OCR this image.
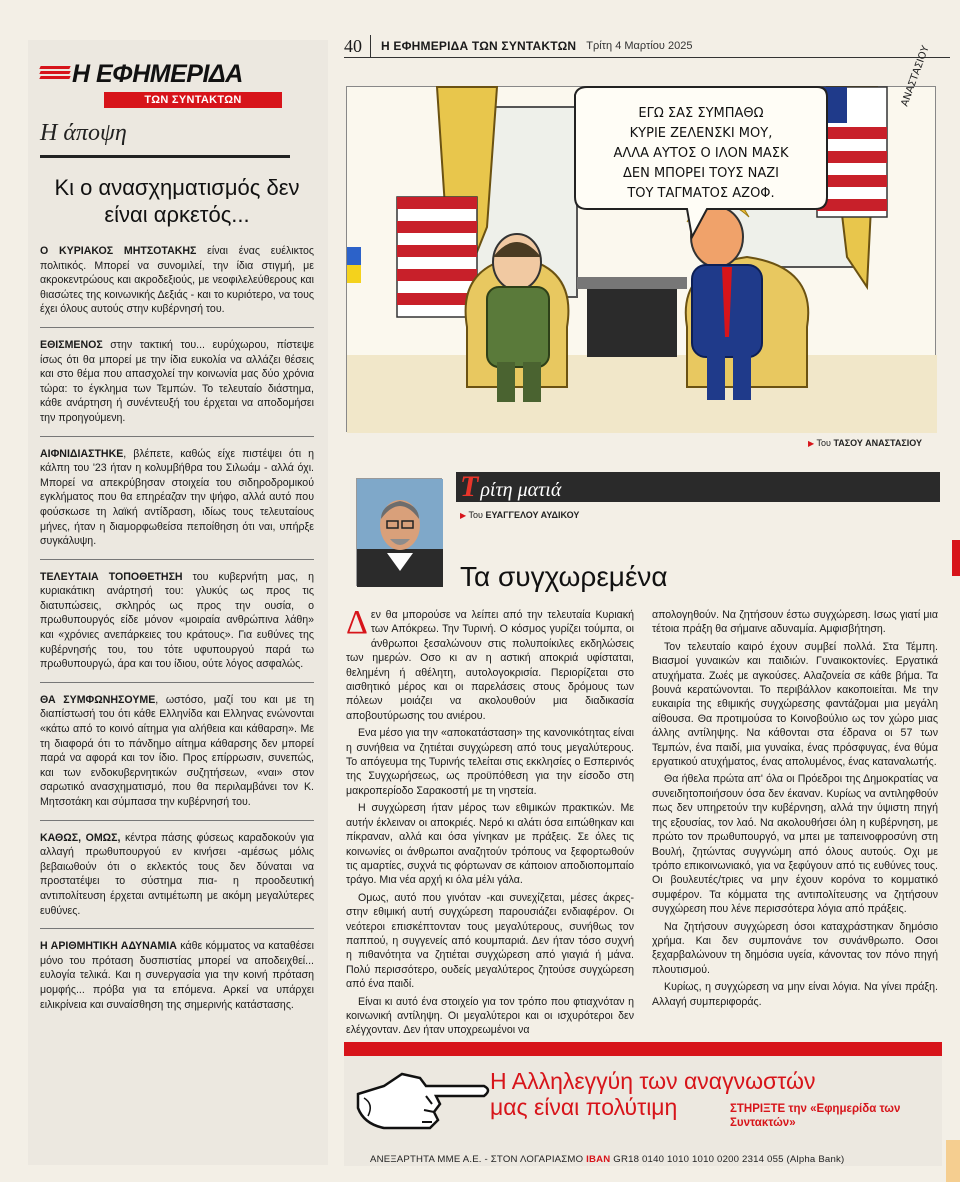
Η ΕΦΗΜΕΡΙΔΑ
ΤΩΝ ΣΥΝΤΑΚΤΩΝ
Η άποψη
Κι ο ανασχηματισμός δεν είναι αρκετός...

Ο ΚΥΡΙΑΚΟΣ ΜΗΤΣΟΤΑΚΗΣ είναι ένας ευέλικτος πολιτικός. Μπορεί να συνομιλεί, την ίδια στιγμή, με ακροκεντρώους και ακροδεξιούς, με νεοφιλελεύθερους και θιασώτες της κοινωνικής Δεξιάς - και το κυριότερο, να τους έχει όλους αυτούς στην κυβέρνησή του.

ΕΘΙΣΜΕΝΟΣ στην τακτική του... ευρύχωρου, πίστεψε ίσως ότι θα μπορεί με την ίδια ευκολία να αλλάζει θέσεις και στο θέμα που απασχολεί την κοινωνία μας δύο χρόνια τώρα: το έγκλημα των Τεμπών. Το τελευταίο διάστημα, κάθε ανάρτηση ή συνέντευξή του έρχεται να αποδομήσει την προηγούμενη.

ΑΙΦΝΙΔΙΑΣΤΗΚΕ, βλέπετε, καθώς είχε πιστέψει ότι η κάλπη του '23 ήταν η κολυμβήθρα του Σιλωάμ - αλλά όχι. Μπορεί να απεκρύβησαν στοιχεία του σιδηροδρομικού εγκλήματος που θα επηρέαζαν την ψήφο, αλλά αυτό που φούσκωσε τη λαϊκή αντίδραση, ιδίως τους τελευταίους μήνες, ήταν η διαμορφωθείσα πεποίθηση ότι ναι, υπήρξε συγκάλυψη.

ΤΕΛΕΥΤΑΙΑ ΤΟΠΟΘΕΤΗΣΗ του κυβερνήτη μας, η κυριακάτικη ανάρτησή του: γλυκύς ως προς τις διατυπώσεις, σκληρός ως προς την ουσία, ο πρωθυπουργός είδε μόνον «μοιραία ανθρώπινα λάθη» και «χρόνιες ανεπάρκειες του κράτους». Για ευθύνες της κυβέρνησής του, του τότε υφυπουργού παρά τω πρωθυπουργώ, άρα και του ίδιου, ούτε λόγος ασφαλώς.

ΘΑ ΣΥΜΦΩΝΗΣΟΥΜΕ, ωστόσο, μαζί του και με τη διαπίστωσή του ότι κάθε Ελληνίδα και Ελληνας ενώνονται «κάτω από το κοινό αίτημα για αλήθεια και κάθαρση». Με τη διαφορά ότι το πάνδημο αίτημα κάθαρσης δεν μπορεί παρά να αφορά και τον ίδιο. Προς επίρρωσιν, συνεπώς, και των ενδοκυβερνητικών συζητήσεων, «ναι» στον σαρωτικό ανασχηματισμό, που θα περιλαμβάνει τον Κ. Μητσοτάκη και σύμπασα την κυβέρνησή του.

ΚΑΘΩΣ, ΟΜΩΣ, κέντρα πάσης φύσεως καραδοκούν για αλλαγή πρωθυπουργού εν κινήσει -αμέσως μόλις βεβαιωθούν ότι ο εκλεκτός τους δεν δύναται να προστατέψει το σύστημα πια- η προοδευτική αντιπολίτευση έρχεται αντιμέτωπη με ακόμη μεγαλύτερες ευθύνες.

Η ΑΡΙΘΜΗΤΙΚΗ ΑΔΥΝΑΜΙΑ κάθε κόμματος να καταθέσει μόνο του πρόταση δυσπιστίας μπορεί να αποδειχθεί... ευλογία τελικά. Και η συνεργασία για την κοινή πρόταση μομφής... πρόβα για τα επόμενα. Αρκεί να υπάρχει ειλικρίνεια και συναίσθηση της σημερινής κατάστασης.

40	Η ΕΦΗΜΕΡΙΔΑ ΤΩΝ ΣΥΝΤΑΚΤΩΝ Τρίτη 4 Μαρτίου 2025
ΕΓΩ ΣΑΣ ΣΥΜΠΑΘΩ
ΚΥΡΙΕ ΖΕΛΕΝΣΚΙ ΜΟΥ,
ΑΛΛΑ ΑΥΤΟΣ Ο ΙΛΟΝ ΜΑΣΚ
ΔΕΝ ΜΠΟΡΕΙ ΤΟΥΣ ΝΑΖΙ
ΤΟΥ ΤΑΓΜΑΤΟΣ ΑΖΟΦ.
ΑΝΑΣΤΑΣΙΟΥ
▶ Του ΤΑΣΟΥ ΑΝΑΣΤΑΣΙΟΥ
Τρίτη ματιά
▶ Του ΕΥΑΓΓΕΛΟΥ ΑΥΔΙΚΟΥ
Τα συγχωρεμένα

Δεν θα μπορούσε να λείπει από την τελευταία Κυριακή των Απόκρεω. Την Τυρινή. Ο κόσμος γυρίζει τούμπα, οι άνθρωποι ξεσαλώνουν στις πολυποίκιλες εκδηλώσεις των ημερών. Οσο κι αν η αστική αποκριά υφίσταται, θελημένη ή αθέλητη, αυτολογοκρισία. Περιορίζεται στο αισθητικό μέρος και οι παρελάσεις στους δρόμους των πόλεων μοιάζει να ακολουθούν μια διαδικασία αποβουτύρωσης του ανιέρου.

Ενα μέσο για την «αποκατάσταση» της κανονικότητας είναι η συνήθεια να ζητιέται συγχώρεση από τους μεγαλύτερους. Το απόγευμα της Τυρινής τελείται στις εκκλησίες ο Εσπερινός της Συγχωρήσεως, ως προϋπόθεση για την είσοδο στη μακροπερίοδο Σαρακοστή με τη νηστεία.

Η συγχώρεση ήταν μέρος των εθιμικών πρακτικών. Με αυτήν έκλειναν οι αποκριές. Νερό κι αλάτι όσα ειπώθηκαν και πίκραναν, αλλά και όσα γίνηκαν με πράξεις. Σε όλες τις κοινωνίες οι άνθρωποι αναζητούν τρόπους να ξεφορτωθούν τις αμαρτίες, συχνά τις φόρτωναν σε κάποιον αποδιοπομπαίο τράγο. Μια νέα αρχή κι όλα μέλι γάλα.

Ομως, αυτό που γινόταν -και συνεχίζεται, μέσες άκρες- στην εθιμική αυτή συγχώρεση παρουσιάζει ενδιαφέρον. Οι νεότεροι επισκέπτονταν τους μεγαλύτερους, συνήθως τον παππού, η συγγενείς από κουμπαριά. Δεν ήταν τόσο συχνή η πιθανότητα να ζητιέται συγχώρεση από γιαγιά ή μάνα. Πολύ περισσότερο, ουδείς μεγαλύτερος ζητούσε συγχώρεση από ένα παιδί.

Είναι κι αυτό ένα στοιχείο για τον τρόπο που φτιαχνόταν η κοινωνική αντίληψη. Οι μεγαλύτεροι και οι ισχυρότεροι δεν ελέγχονταν. Δεν ήταν υποχρεωμένοι να

απολογηθούν. Να ζητήσουν έστω συγχώρεση. Ισως γιατί μια τέτοια πράξη θα σήμαινε αδυναμία. Αμφισβήτηση.

Τον τελευταίο καιρό έχουν συμβεί πολλά. Στα Τέμπη. Βιασμοί γυναικών και παιδιών. Γυναικοκτονίες. Εργατικά ατυχήματα. Ζωές με αγκούσες. Αλαζονεία σε κάθε βήμα. Τα βουνά κερατώνονται. Το περιβάλλον κακοποιείται. Με την ευκαιρία της εθιμικής συγχώρεσης φαντάζομαι μια μεγάλη αίθουσα. Θα προτιμούσα το Κοινοβούλιο ως τον χώρο μιας άλλης αντίληψης. Να κάθονται στα έδρανα οι 57 των Τεμπών, ένα παιδί, μια γυναίκα, ένας πρόσφυγας, ένα θύμα εργατικού ατυχήματος, ένας απολυμένος, ένας καταναλωτής.

Θα ήθελα πρώτα απ' όλα οι Πρόεδροι της Δημοκρατίας να συνειδητοποιήσουν όσα δεν έκαναν. Κυρίως να αντιληφθούν πως δεν υπηρετούν την κυβέρνηση, αλλά την ύψιστη πηγή της εξουσίας, τον λαό. Να ακολουθήσει όλη η κυβέρνηση, με πρώτο τον πρωθυπουργό, να μπει με ταπεινοφροσύνη στη Βουλή, ζητώντας συγγνώμη από όλους αυτούς. Οχι με τρόπο επικοινωνιακό, για να ξεφύγουν από τις ευθύνες τους. Οι βουλευτές/τριες να μην έχουν κορόνα το κομματικό συμφέρον. Τα κόμματα της αντιπολίτευσης να ζητήσουν συγχώρεση που λένε περισσότερα λόγια από πράξεις.

Να ζητήσουν συγχώρεση όσοι καταχράστηκαν δημόσιο χρήμα. Και δεν συμπονάνε τον συνάνθρωπο. Οσοι ξεχαρβαλώνουν τη δημόσια υγεία, κάνοντας τον πόνο πηγή πλουτισμού.

Κυρίως, η συγχώρεση να μην είναι λόγια. Να γίνει πράξη. Αλλαγή συμπεριφοράς.

Η Αλληλεγγύη των αναγνωστών
μας είναι πολύτιμη	ΣΤΗΡΙΞΤΕ την «Εφημερίδα των Συντακτών»
ΑΝΕΞΑΡΤΗΤΑ ΜΜΕ Α.Ε. - ΣΤΟΝ ΛΟΓΑΡΙΑΣΜΟ IBAN GR18 0140 1010 1010 0200 2314 055 (Alpha Bank)
